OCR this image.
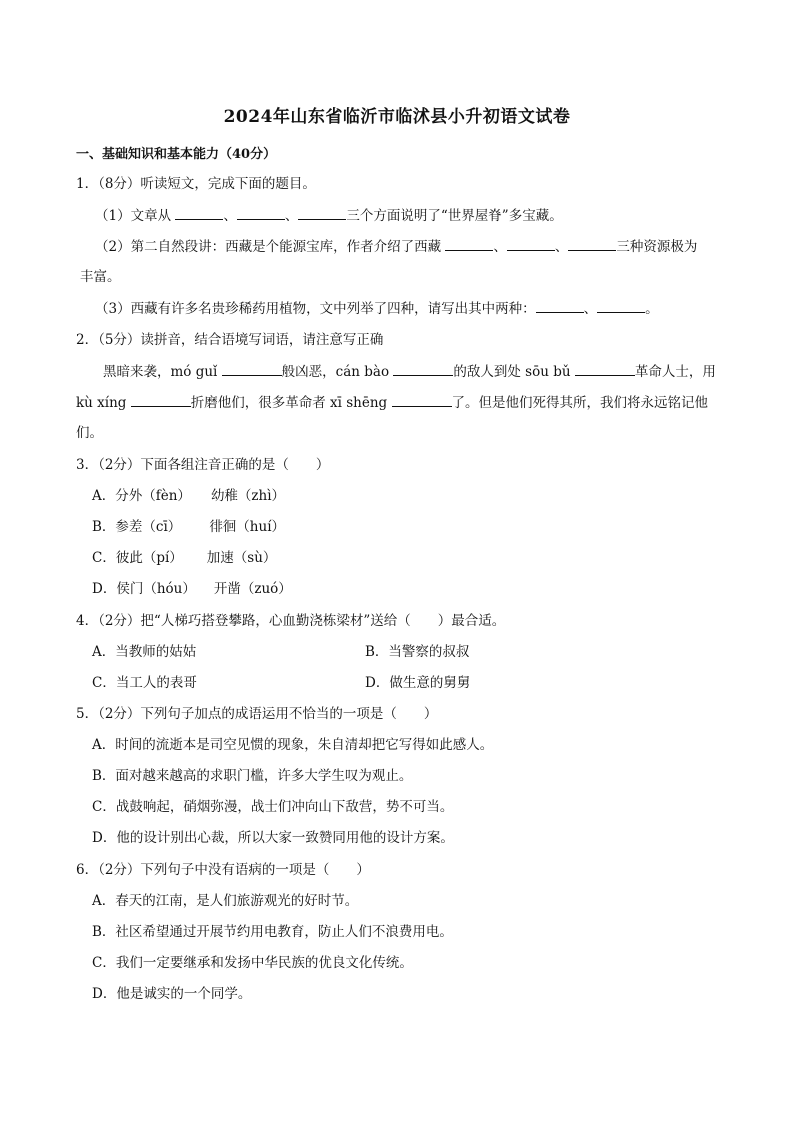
2024年山东省临沂市临沭县小升初语文试卷
一、基础知识和基本能力（40分）
1．（8分）听读短文，完成下面的题目。
（1）文章从	、	、	三个方面说明了“世界屋脊”多宝藏。
（2）第二自然段讲：西藏是个能源宝库，作者介绍了西藏	、	、	三种资源极为
丰富。
（3）西藏有许多名贵珍稀药用植物，文中列举了四种，请写出其中两种：	、	。
2．（5分）读拼音，结合语境写词语，请注意写正确
黑暗来袭，mó guǐ	般凶恶，cán bào	的敌人到处 sōu bǔ	革命人士，用
kù xíng	折磨他们，很多革命者 xī shēng	了。但是他们死得其所，我们将永远铭记他
们。
3．（2分）下面各组注音正确的是（　　）
A．分外（fèn） 幼稚（zhì）
B．参差（cī） 徘徊（huí）
C．彼此（pí） 加速（sù）
D．侯门（hóu） 开凿（zuó）
4．（2分）把“人梯巧搭登攀路，心血勤浇栋梁材”送给（　　）最合适。
A．当教师的姑姑	B．当警察的叔叔
C．当工人的表哥	D．做生意的舅舅
5．（2分）下列句子加点的成语运用不恰当的一项是（　　）
A．时间的流逝本是司空见惯的现象，朱自清却把它写得如此感人。
B．面对越来越高的求职门槛，许多大学生叹为观止。
C．战鼓响起，硝烟弥漫，战士们冲向山下敌营，势不可当。
D．他的设计别出心裁，所以大家一致赞同用他的设计方案。
6．（2分）下列句子中没有语病的一项是（　　）
A．春天的江南，是人们旅游观光的好时节。
B．社区希望通过开展节约用电教育，防止人们不浪费用电。
C．我们一定要继承和发扬中华民族的优良文化传统。
D．他是诚实的一个同学。
